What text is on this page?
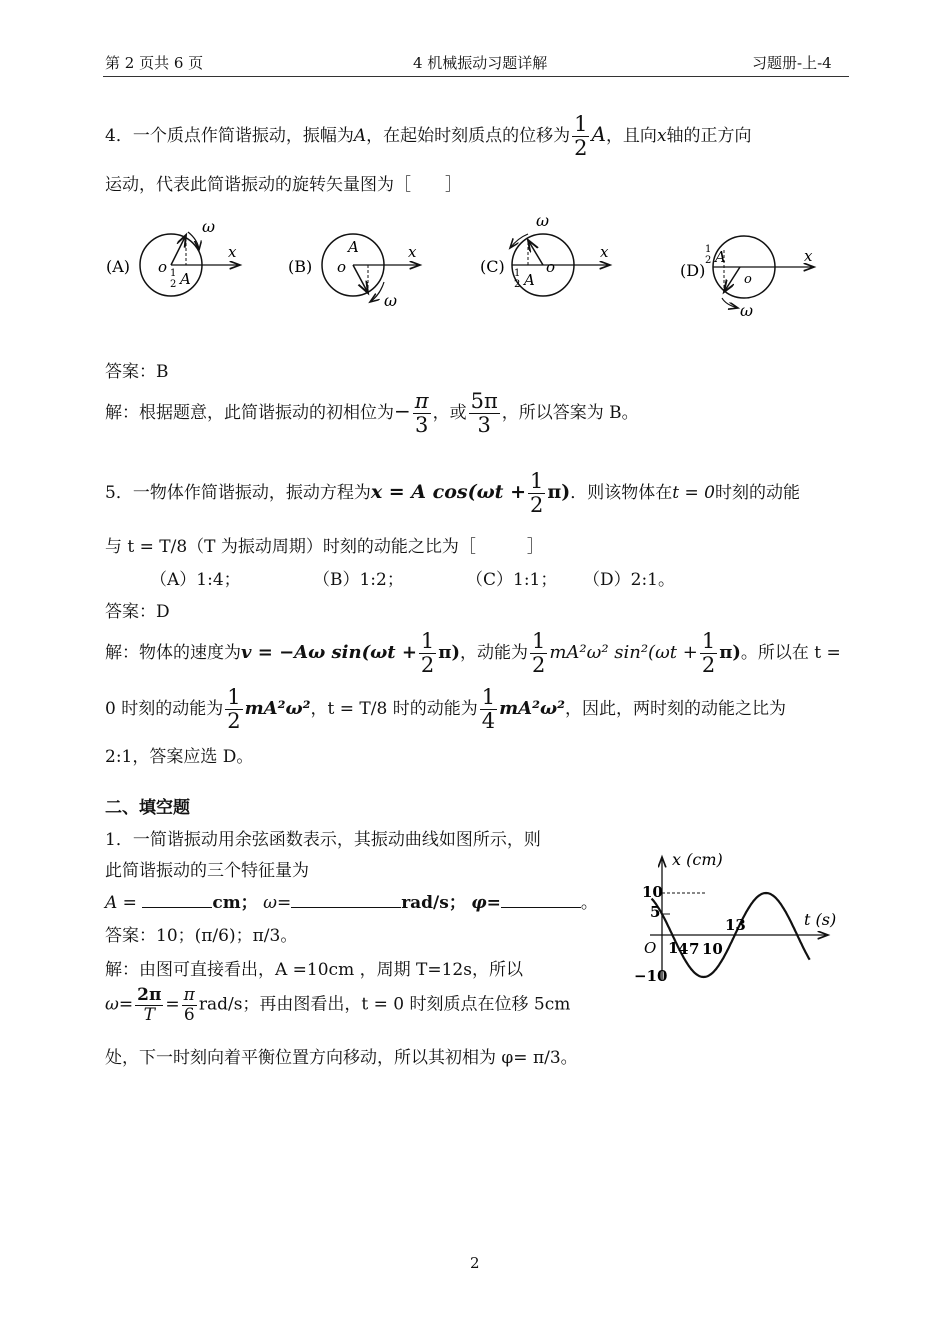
第 2 页共 6 页	4 机械振动习题详解	习题册-上-4
4．一个质点作简谐振动，振幅为A，在起始时刻质点的位移为 $\frac{1}{2}$ A，且向x轴的正方向
运动，代表此简谐振动的旋转矢量图为［　　］
(A)
ω
x
o 1
2 A
(B)
ω
x
o
A
(C)
ω
x
o
1
2 A	(D)
ω
x
o
1
2 A
答案：B
解：根据题意，此简谐振动的初相位为− $\frac{\pi}{3}$ ，或 $\frac{5\pi}{3}$ ，所以答案为 B。
5．一物体作简谐振动，振动方程为x = A $\cos(\omega t + \frac{1}{2} \pi)$．则该物体在t = 0时刻的动能
与 t = T/8（T 为振动周期）时刻的动能之比为［　　　］
（A）1:4；	（B）1:2；	（C）1:1； （D）2:1。
答案：D
解：物体的速度为v = −Aω $\sin(\omega t + \frac{1}{2} \pi)$，动能为 $\frac{1}{2} mA^2\omega^2$ $\sin^2(\omega t + \frac{1}{2} \pi)$。所以在 t =
0 时刻的动能为 $\frac{1}{2} mA^2\omega^2$，t = T/8 时的动能为 $\frac{1}{4} mA^2\omega^2$，因此，两时刻的动能之比为
2:1，答案应选 D。
二、填空题
1．一简谐振动用余弦函数表示，其振动曲线如图所示，则
此简谐振动的三个特征量为
A =	cm； ω=	rad/s； φ=	。
答案：10；(π/6)；π/3。
解：由图可直接看出，A =10cm ，周期 T=12s，所以
$\omega= \frac{2\pi}{T} = \frac{\pi}{6} rad/s$；再由图看出，t = 0 时刻质点在位移 5cm
处，下一时刻向着平衡位置方向移动，所以其初相为 φ= π/3。
x (cm)
t (s)
10
5
−10
O 1 4 7 10
13
2
